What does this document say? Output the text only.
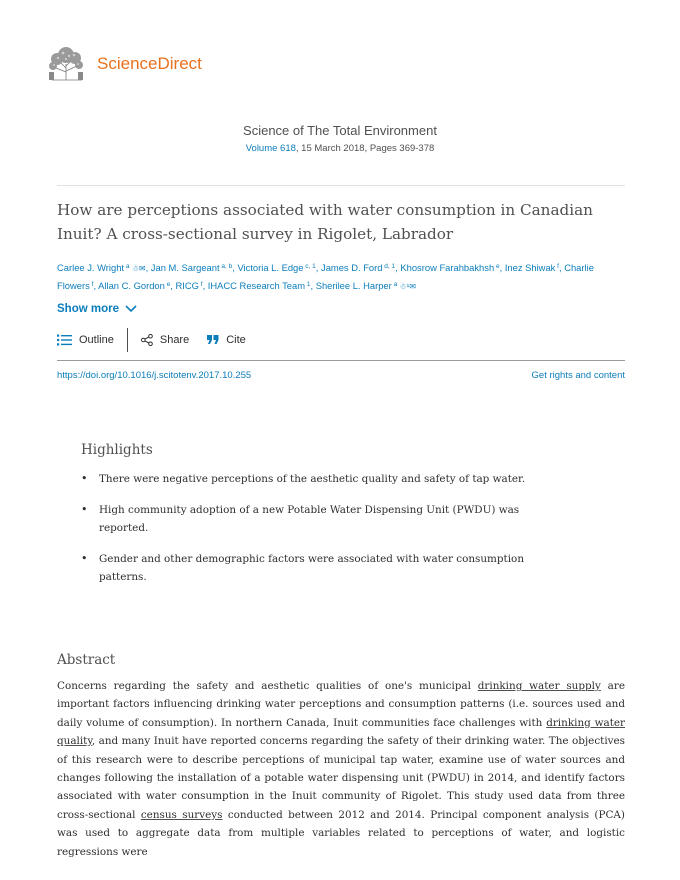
ScienceDirect
Science of The Total Environment
Volume 618, 15 March 2018, Pages 369-378
How are perceptions associated with water consumption in Canadian Inuit? A cross-sectional survey in Rigolet, Labrador
Carlee J. Wright $^a$ ☃✉, Jan M. Sargeant $^{a, b}$, Victoria L. Edge $^{c, 1}$, James D. Ford $^{d, 1}$, Khosrow Farahbakhsh $^e$, Inez Shiwak $^f$, Charlie Flowers $^f$, Allan C. Gordon $^e$, RICG $^f$, IHACC Research Team $^1$, Sherilee L. Harper $^a$ ☃¹✉
Show more
Outline	Share	Cite
https://doi.org/10.1016/j.scitotenv.2017.10.255	Get rights and content
Highlights
• There were negative perceptions of the aesthetic quality and safety of tap water.
• High community adoption of a new Potable Water Dispensing Unit (PWDU) was reported.
• Gender and other demographic factors were associated with water consumption patterns.
Abstract

Concerns regarding the safety and aesthetic qualities of one's municipal drinking water supply are important factors influencing drinking water perceptions and consumption patterns (i.e. sources used and daily volume of consumption). In northern Canada, Inuit communities face challenges with drinking water quality, and many Inuit have reported concerns regarding the safety of their drinking water. The objectives of this research were to describe perceptions of municipal tap water, examine use of water sources and changes following the installation of a potable water dispensing unit (PWDU) in 2014, and identify factors associated with water consumption in the Inuit community of Rigolet. This study used data from three cross-sectional census surveys conducted between 2012 and 2014. Principal component analysis (PCA) was used to aggregate data from multiple variables related to perceptions of water, and logistic regressions were
